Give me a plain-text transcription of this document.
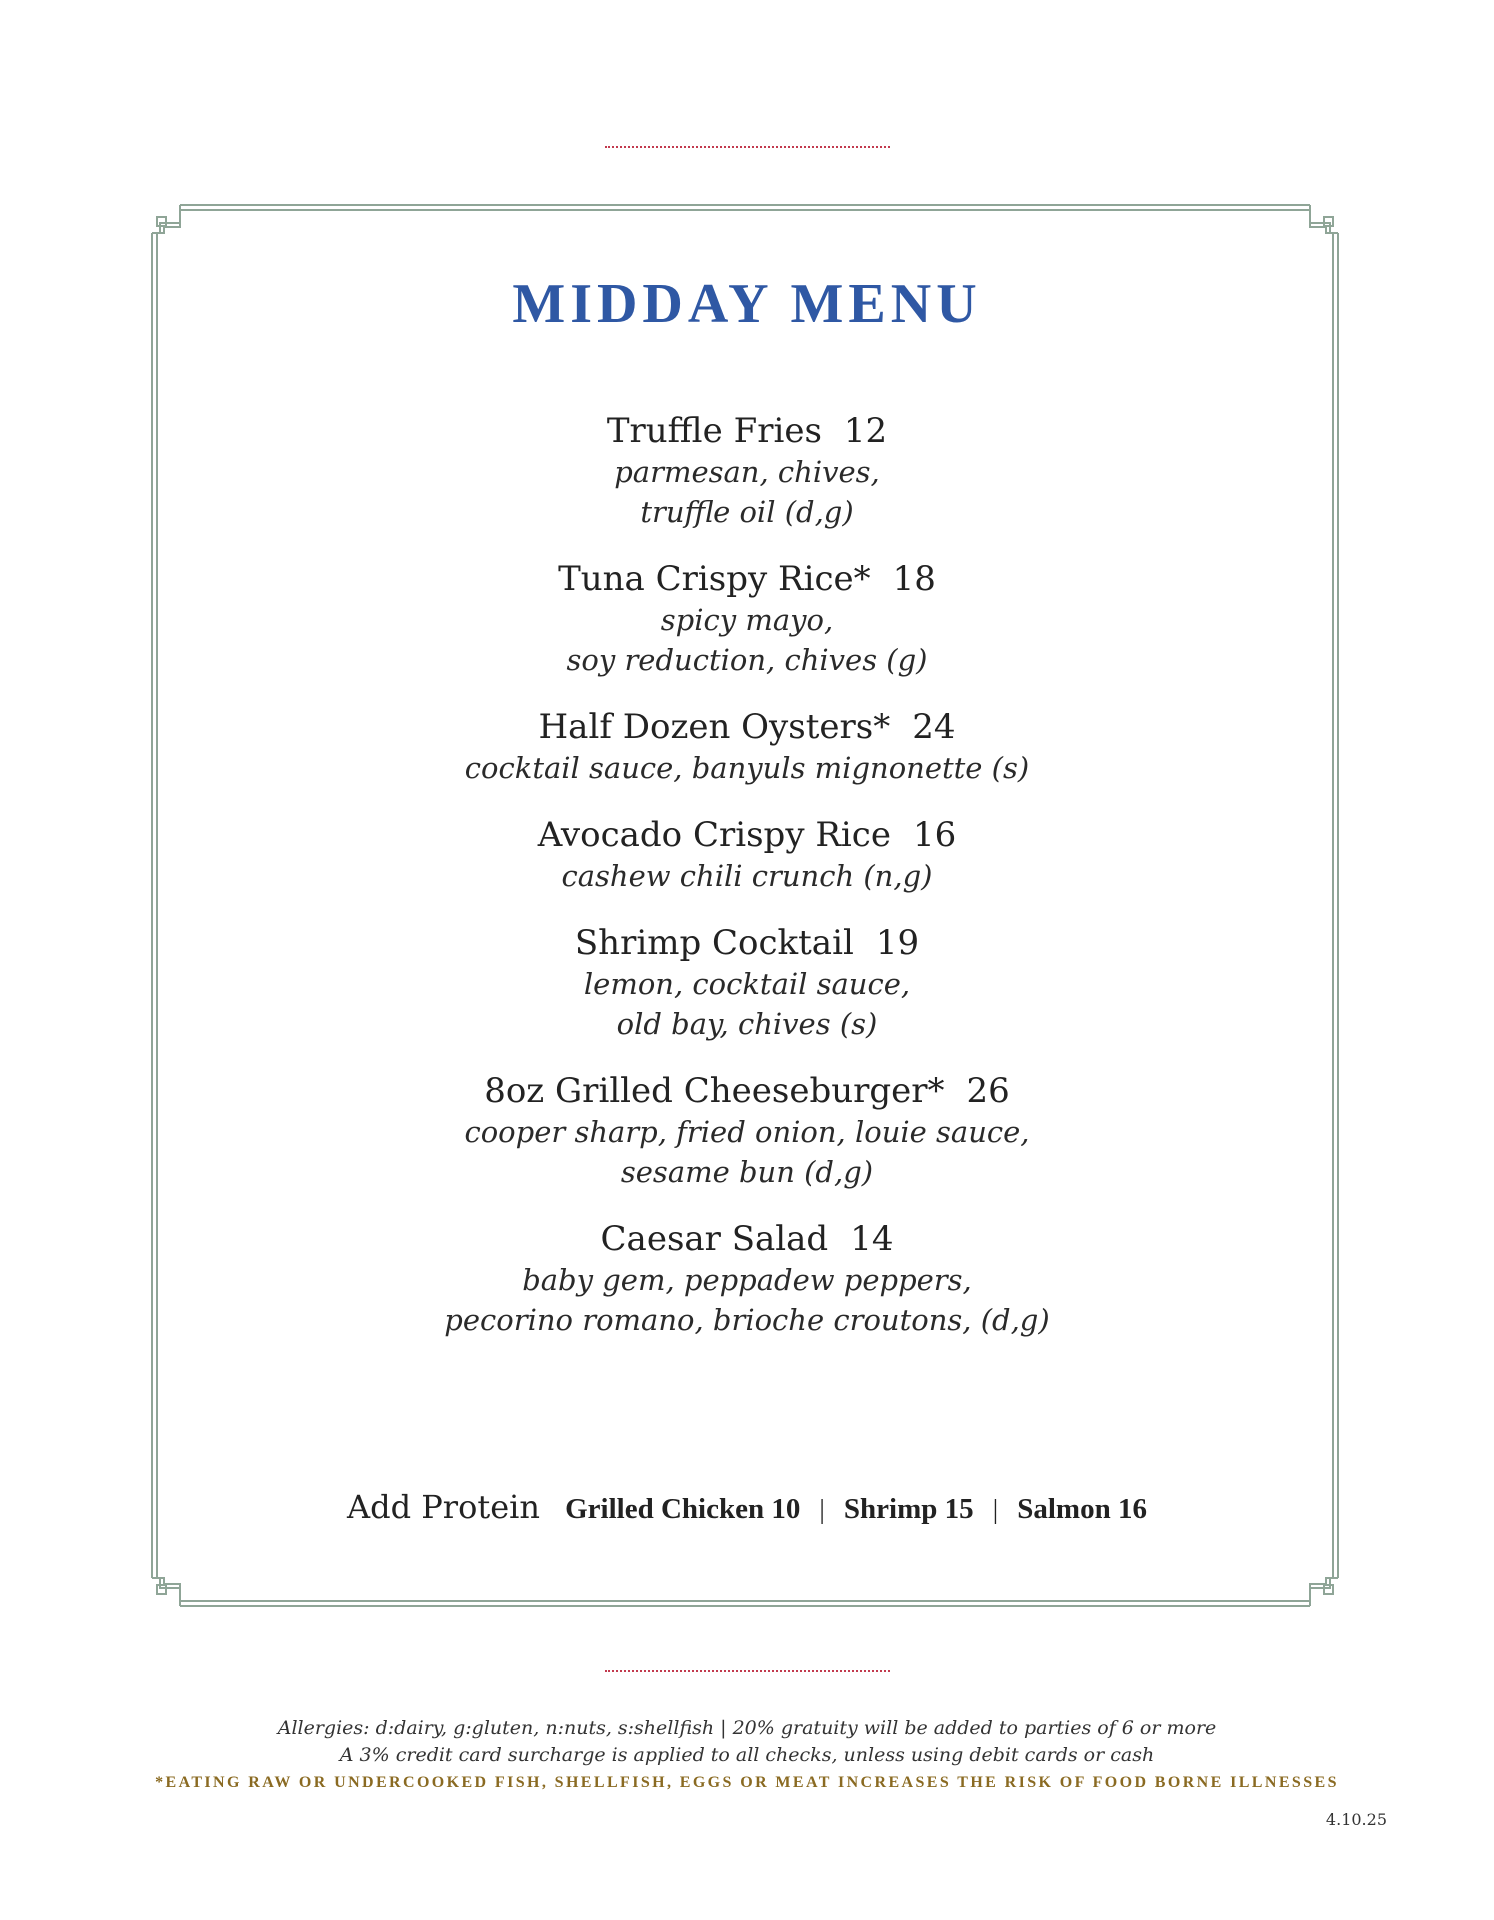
MIDDAY MENU
Truffle Fries 12
parmesan, chives,
truffle oil (d,g)
Tuna Crispy Rice* 18
spicy mayo,
soy reduction, chives (g)
Half Dozen Oysters* 24
cocktail sauce, banyuls mignonette (s)
Avocado Crispy Rice 16
cashew chili crunch (n,g)
Shrimp Cocktail 19
lemon, cocktail sauce,
old bay, chives (s)
8oz Grilled Cheeseburger* 26
cooper sharp, fried onion, louie sauce,
sesame bun (d,g)
Caesar Salad 14
baby gem, peppadew peppers,
pecorino romano, brioche croutons, (d,g)
Add Protein Grilled Chicken 10 | Shrimp 15 | Salmon 16
Allergies: d:dairy, g:gluten, n:nuts, s:shellfish | 20% gratuity will be added to parties of 6 or more
A 3% credit card surcharge is applied to all checks, unless using debit cards or cash
*EATING RAW OR UNDERCOOKED FISH, SHELLFISH, EGGS OR MEAT INCREASES THE RISK OF FOOD BORNE ILLNESSES
4.10.25
